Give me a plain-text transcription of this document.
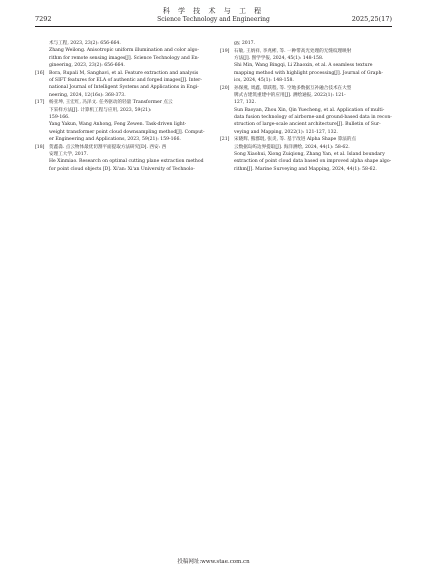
7292
科 学 技 术 与 工 程
Science Technology and Engineering	2025,25(17)
术与工程, 2023, 23(2): 656-664.
Zhang Weilong. Anisotropic uniform illumination and color algo-
rithm for remote sensing images[J]. Science Technology and En-
gineering, 2023, 23(2): 656-664.
[16] Bora, Rupali M, Sanghavi, et al. Feature extraction and analysis
of SIFT features for ELA of authentic and forged images[J]. Inter-
national Journal of Intelligent Systems and Applications in Engi-
neering, 2024, 12(16s): 368-373.
[17] 杨亚坤, 王宏红, 冯泽文. 任务驱动的轻量 Transformer 点云
下采样方法[J]. 计算机工程与应用, 2023, 59(21):
159-166.
Yang Yakun, Wang Anhong, Feng Zewen. Task-driven light-
weight transformer point cloud downsampling method[J]. Comput-
er Engineering and Applications, 2023, 59(21): 159-166.
[18] 贺鑫淼. 点云物体最优切割平面提取方法研究[D]. 西安: 西
安理工大学, 2017.
He Xinmiao. Research on optimal cutting plane extraction method
for point cloud objects [D]. Xi'an: Xi'an University of Technolo-
gy, 2017.
[19] 石敏, 王炳祥, 李兆彬, 等. 一种带高光处理的无缝纹理映射
方法[J]. 图学学报, 2024, 45(1): 148-158.
Shi Min, Wang Bingqi, Li Zhaoxin, et al. A seamless texture
mapping method with highlight processing[J]. Journal of Graph-
ics, 2024, 45(1): 148-158.
[20] 孙保燕, 周鑫, 覃跃程, 等. 空地多数据互补融合技术在大型
牌式古建筑重建中的应用[J]. 测绘通报, 2022(1): 121-
127, 132.
Sun Baoyan, Zhou Xin, Qin Yuecheng, et al. Application of multi-
data fusion technology of airborne-and ground-based data in recon-
struction of large-scale ancient architecture[J]. Bulletin of Sur-
veying and Mapping, 2022(1): 121-127, 132.
[21] 宋晓辉, 熊郡琨, 张炎, 等. 基于改进 Alpha Shape 算法的点
云数据岛屿边界提取[J]. 海洋测绘, 2024, 44(1): 58-62.
Song Xiaohui, Xiong Zuiqiong, Zhang Yan, et al. Island boundary
extraction of point cloud data based on improved alpha shape algo-
rithm[J]. Marine Surveying and Mapping, 2024, 44(1): 58-62.
投稿网址:www.stae.com.cn
